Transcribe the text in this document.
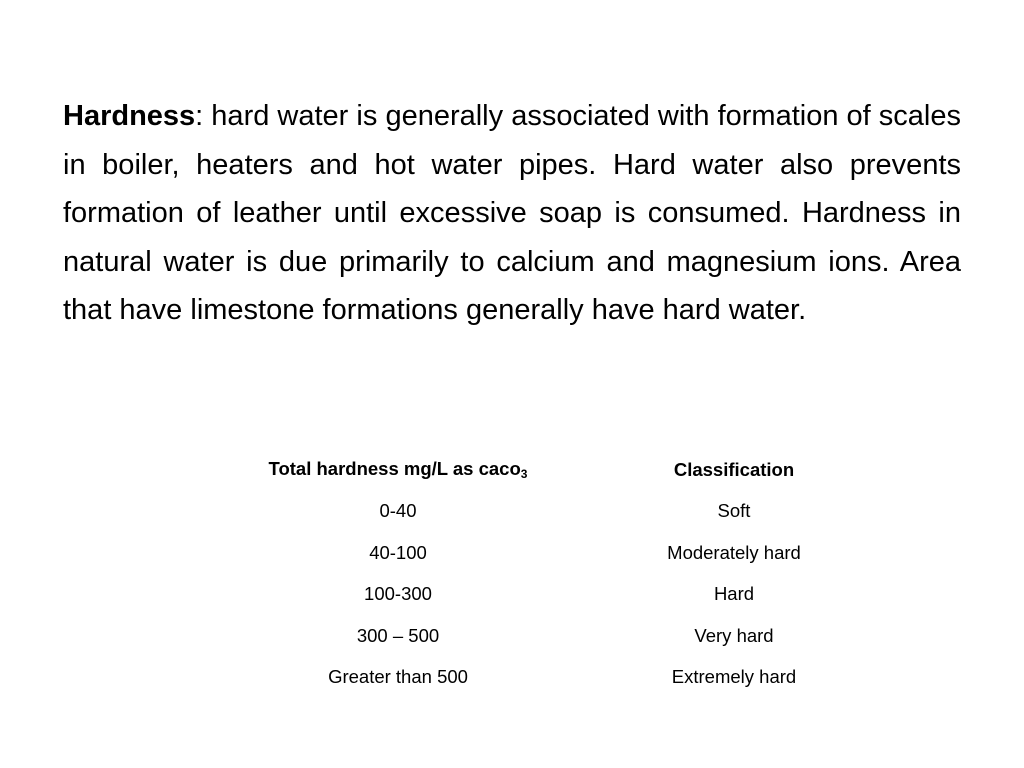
Hardness: hard water is generally associated with formation of scales in boiler, heaters and hot water pipes. Hard water also prevents formation of leather until excessive soap is consumed. Hardness in natural water is due primarily to calcium and magnesium ions. Area that have limestone formations generally have hard water.

Total hardness mg/L as caco$_3$	Classification
0-40	Soft
40-100	Moderately hard
100-300	Hard
300 – 500	Very hard
Greater than 500	Extremely hard
